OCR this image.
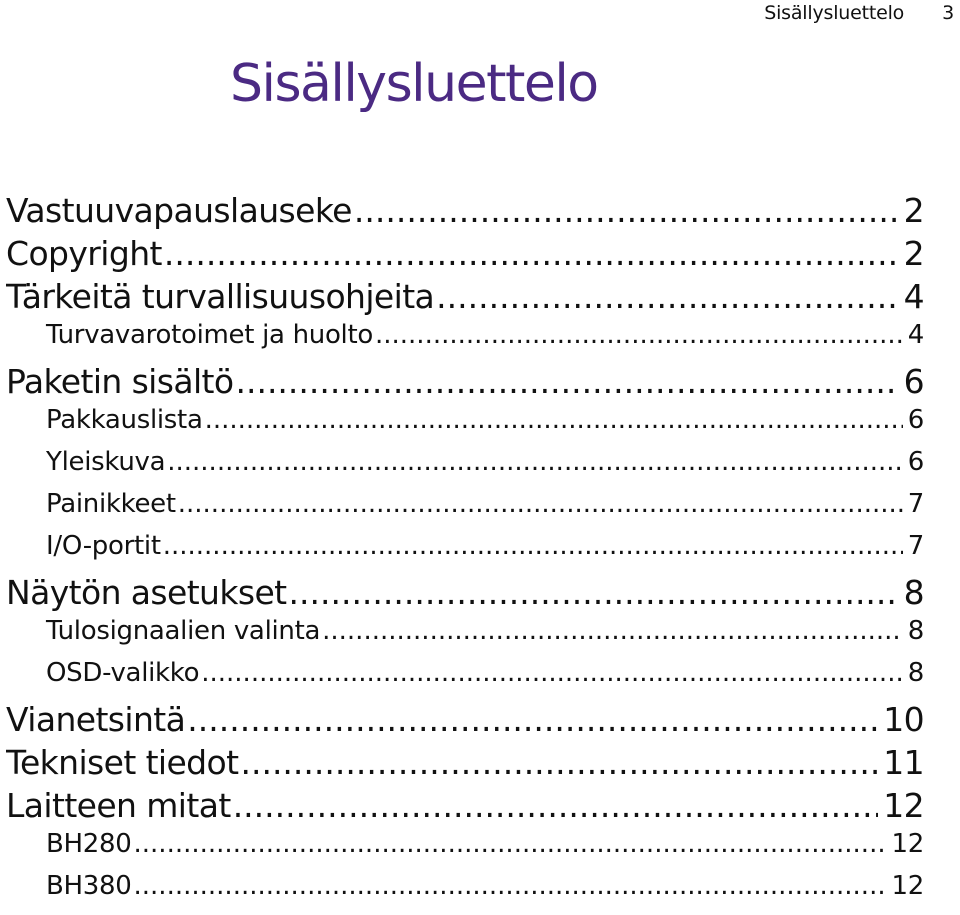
Sisällysluettelo 3
Sisällysluettelo
Vastuuvapauslauseke .....	2
Copyright .....	2
Tärkeitä turvallisuusohjeita .....	4
Turvavarotoimet ja huolto .....	4
Paketin sisältö .....	6
Pakkauslista .....	6
Yleiskuva .....	6
Painikkeet .....	7
I/O-portit .....	7
Näytön asetukset .....	8
Tulosignaalien valinta .....	8
OSD-valikko .....	8
Vianetsintä .....	10
Tekniset tiedot .....	11
Laitteen mitat .....	12
BH280 .....	12
BH380 .....	12
